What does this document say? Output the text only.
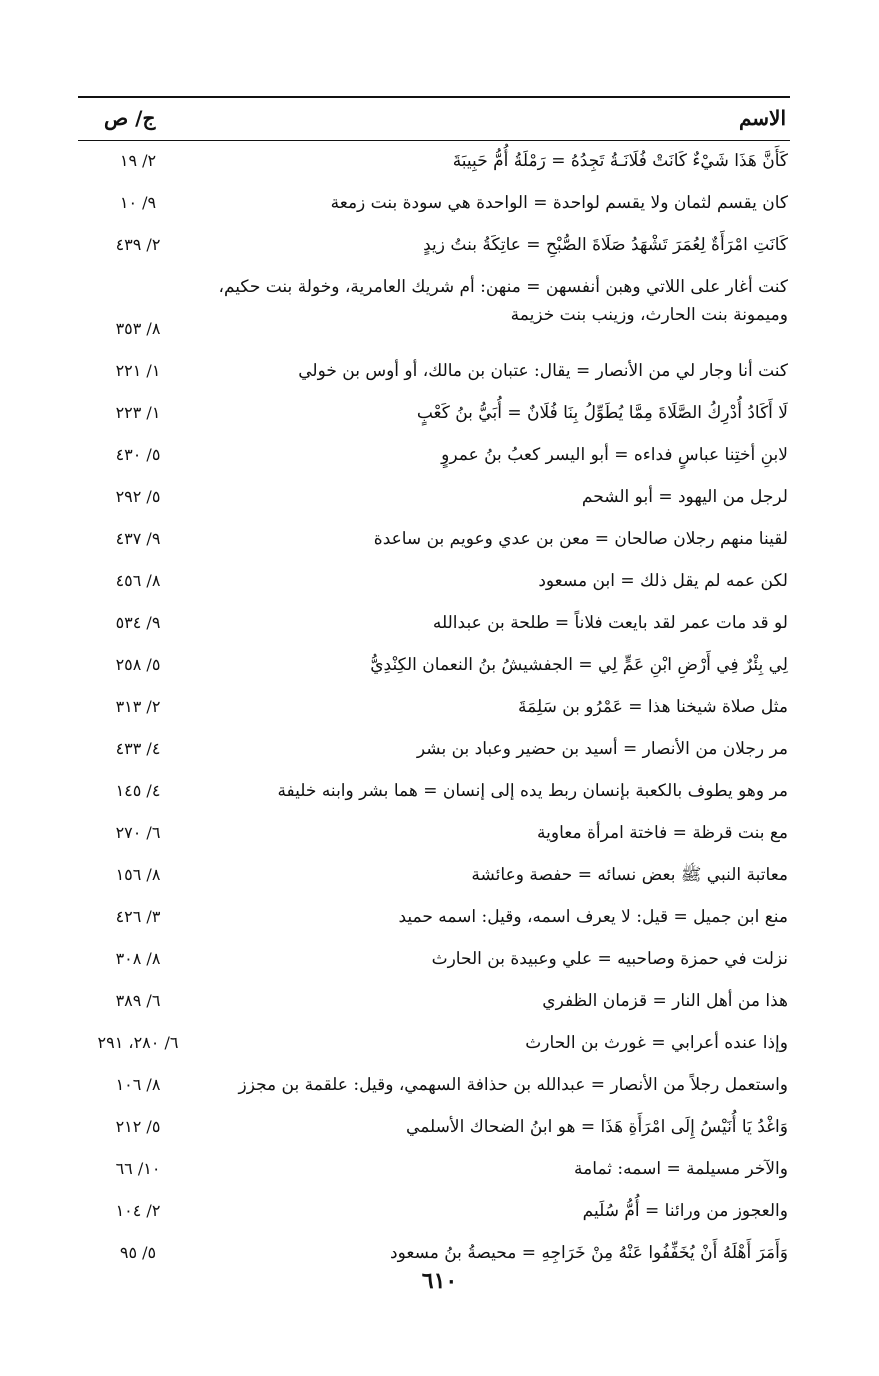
الاسم
ج/ ص
كَأَنَّ هَذَا شَيْءٌ كَانَتْ فُلَانَـةُ تَجِدُهُ = رَمْلَةُ أُمُّ حَبِيبَةَ
٢/ ١٩
كان يقسم لثمان ولا يقسم لواحدة = الواحدة هي سودة بنت زمعة
٩/ ١٠
كَانَتِ امْرَأَةٌ لِعُمَرَ تَشْهَدُ صَلَاةَ الصُّبْحِ = عاتِكَةُ بنتُ زيدٍ
٢/ ٤٣٩
كنت أغار على اللاتي وهبن أنفسهن = منهن: أم شريك العامرية، وخولة بنت حكيم، وميمونة بنت الحارث، وزينب بنت خزيمة
٨/ ٣٥٣
كنت أنا وجار لي من الأنصار = يقال: عتبان بن مالك، أو أوس بن خولي
١/ ٢٢١
لَا أَكَادُ أُدْرِكُ الصَّلَاةَ مِمَّا يُطَوِّلُ بِنَا فُلَانٌ = أُبَيُّ بنُ كَعْبٍ
١/ ٢٢٣
لابنِ أختِنا عباسٍ فداءه = أبو اليسر كعبُ بنُ عمروٍ
٥/ ٤٣٠
لرجل من اليهود = أبو الشحم
٥/ ٢٩٢
لقينا منهم رجلان صالحان = معن بن عدي وعويم بن ساعدة
٩/ ٤٣٧
لكن عمه لم يقل ذلك = ابن مسعود
٨/ ٤٥٦
لو قد مات عمر لقد بايعت فلاناً = طلحة بن عبدالله
٩/ ٥٣٤
لِي بِئْرٌ فِي أَرْضِ ابْنِ عَمٍّ لِي = الجفشيشُ بنُ النعمان الكِنْدِيُّ
٥/ ٢٥٨
مثل صلاة شيخنا هذا = عَمْرُو بن سَلِمَةَ
٢/ ٣١٣
مر رجلان من الأنصار = أسيد بن حضير وعباد بن بشر
٤/ ٤٣٣
مر وهو يطوف بالكعبة بإنسان ربط يده إلى إنسان = هما بشر وابنه خليفة
٤/ ١٤٥
مع بنت قرظة = فاختة امرأة معاوية
٦/ ٢٧٠
معاتبة النبي ﷺ بعض نسائه = حفصة وعائشة
٨/ ١٥٦
منع ابن جميل = قيل: لا يعرف اسمه، وقيل: اسمه حميد
٣/ ٤٢٦
نزلت في حمزة وصاحبيه = علي وعبيدة بن الحارث
٨/ ٣٠٨
هذا من أهل النار = قزمان الظفري
٦/ ٣٨٩
وإذا عنده أعرابي = غورث بن الحارث
٦/ ٢٨٠، ٢٩١
واستعمل رجلاً من الأنصار = عبدالله بن حذافة السهمي، وقيل: علقمة بن مجزز
٨/ ١٠٦
وَاغْدُ يَا أُنَيْسُ إِلَى امْرَأَةِ هَذَا = هو ابنُ الضحاك الأسلمي
٥/ ٢١٢
والآخر مسيلمة = اسمه: ثمامة
١٠/ ٦٦
والعجوز من ورائنا = أُمُّ سُلَيم
٢/ ١٠٤
وَأَمَرَ أَهْلَهُ أَنْ يُخَفِّفُوا عَنْهُ مِنْ خَرَاجِهِ = محيصةُ بنُ مسعود
٥/ ٩٥
٦١٠
